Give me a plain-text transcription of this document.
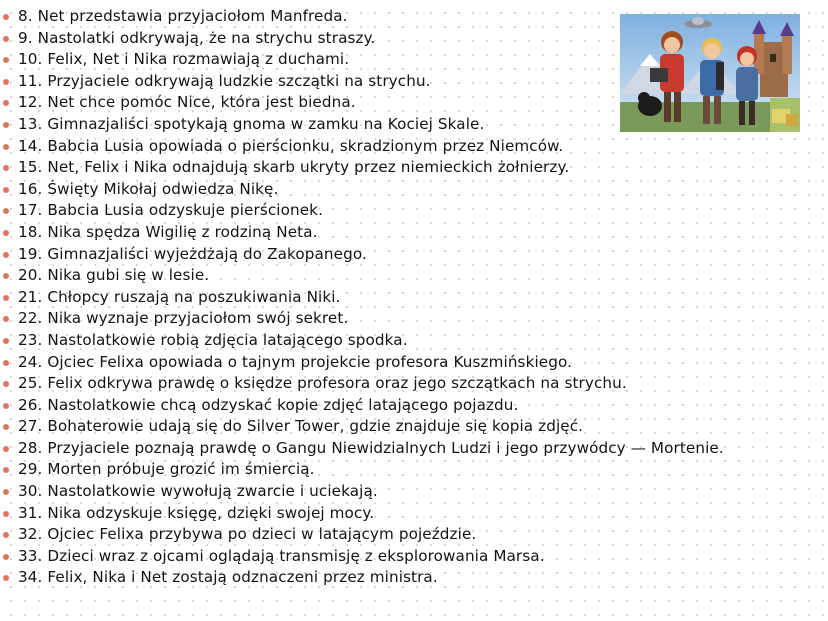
8. Net przedstawia przyjaciołom Manfreda.
9. Nastolatki odkrywają, że na strychu straszy.
10. Felix, Net i Nika rozmawiają z duchami.
11. Przyjaciele odkrywają ludzkie szczątki na strychu.
12. Net chce pomóc Nice, która jest biedna.
13. Gimnazjaliści spotykają gnoma w zamku na Kociej Skale.
14. Babcia Lusia opowiada o pierścionku, skradzionym przez Niemców.
15. Net, Felix i Nika odnajdują skarb ukryty przez niemieckich żołnierzy.
16. Święty Mikołaj odwiedza Nikę.
17. Babcia Lusia odzyskuje pierścionek.
18. Nika spędza Wigilię z rodziną Neta.
19. Gimnazjaliści wyjeżdżają do Zakopanego.
20. Nika gubi się w lesie.
21. Chłopcy ruszają na poszukiwania Niki.
22. Nika wyznaje przyjaciołom swój sekret.
23. Nastolatkowie robią zdjęcia latającego spodka.
24. Ojciec Felixa opowiada o tajnym projekcie profesora Kuszmińskiego.
25. Felix odkrywa prawdę o księdze profesora oraz jego szczątkach na strychu.
26. Nastolatkowie chcą odzyskać kopie zdjęć latającego pojazdu.
27. Bohaterowie udają się do Silver Tower, gdzie znajduje się kopia zdjęć.
28. Przyjaciele poznają prawdę o Gangu Niewidzialnych Ludzi i jego przywódcy — Mortenie.
29. Morten próbuje grozić im śmiercią.
30. Nastolatkowie wywołują zwarcie i uciekają.
31. Nika odzyskuje księgę, dzięki swojej mocy.
32. Ojciec Felixa przybywa po dzieci w latającym pojeździe.
33. Dzieci wraz z ojcami oglądają transmisję z eksplorowania Marsa.
34. Felix, Nika i Net zostają odznaczeni przez ministra.
